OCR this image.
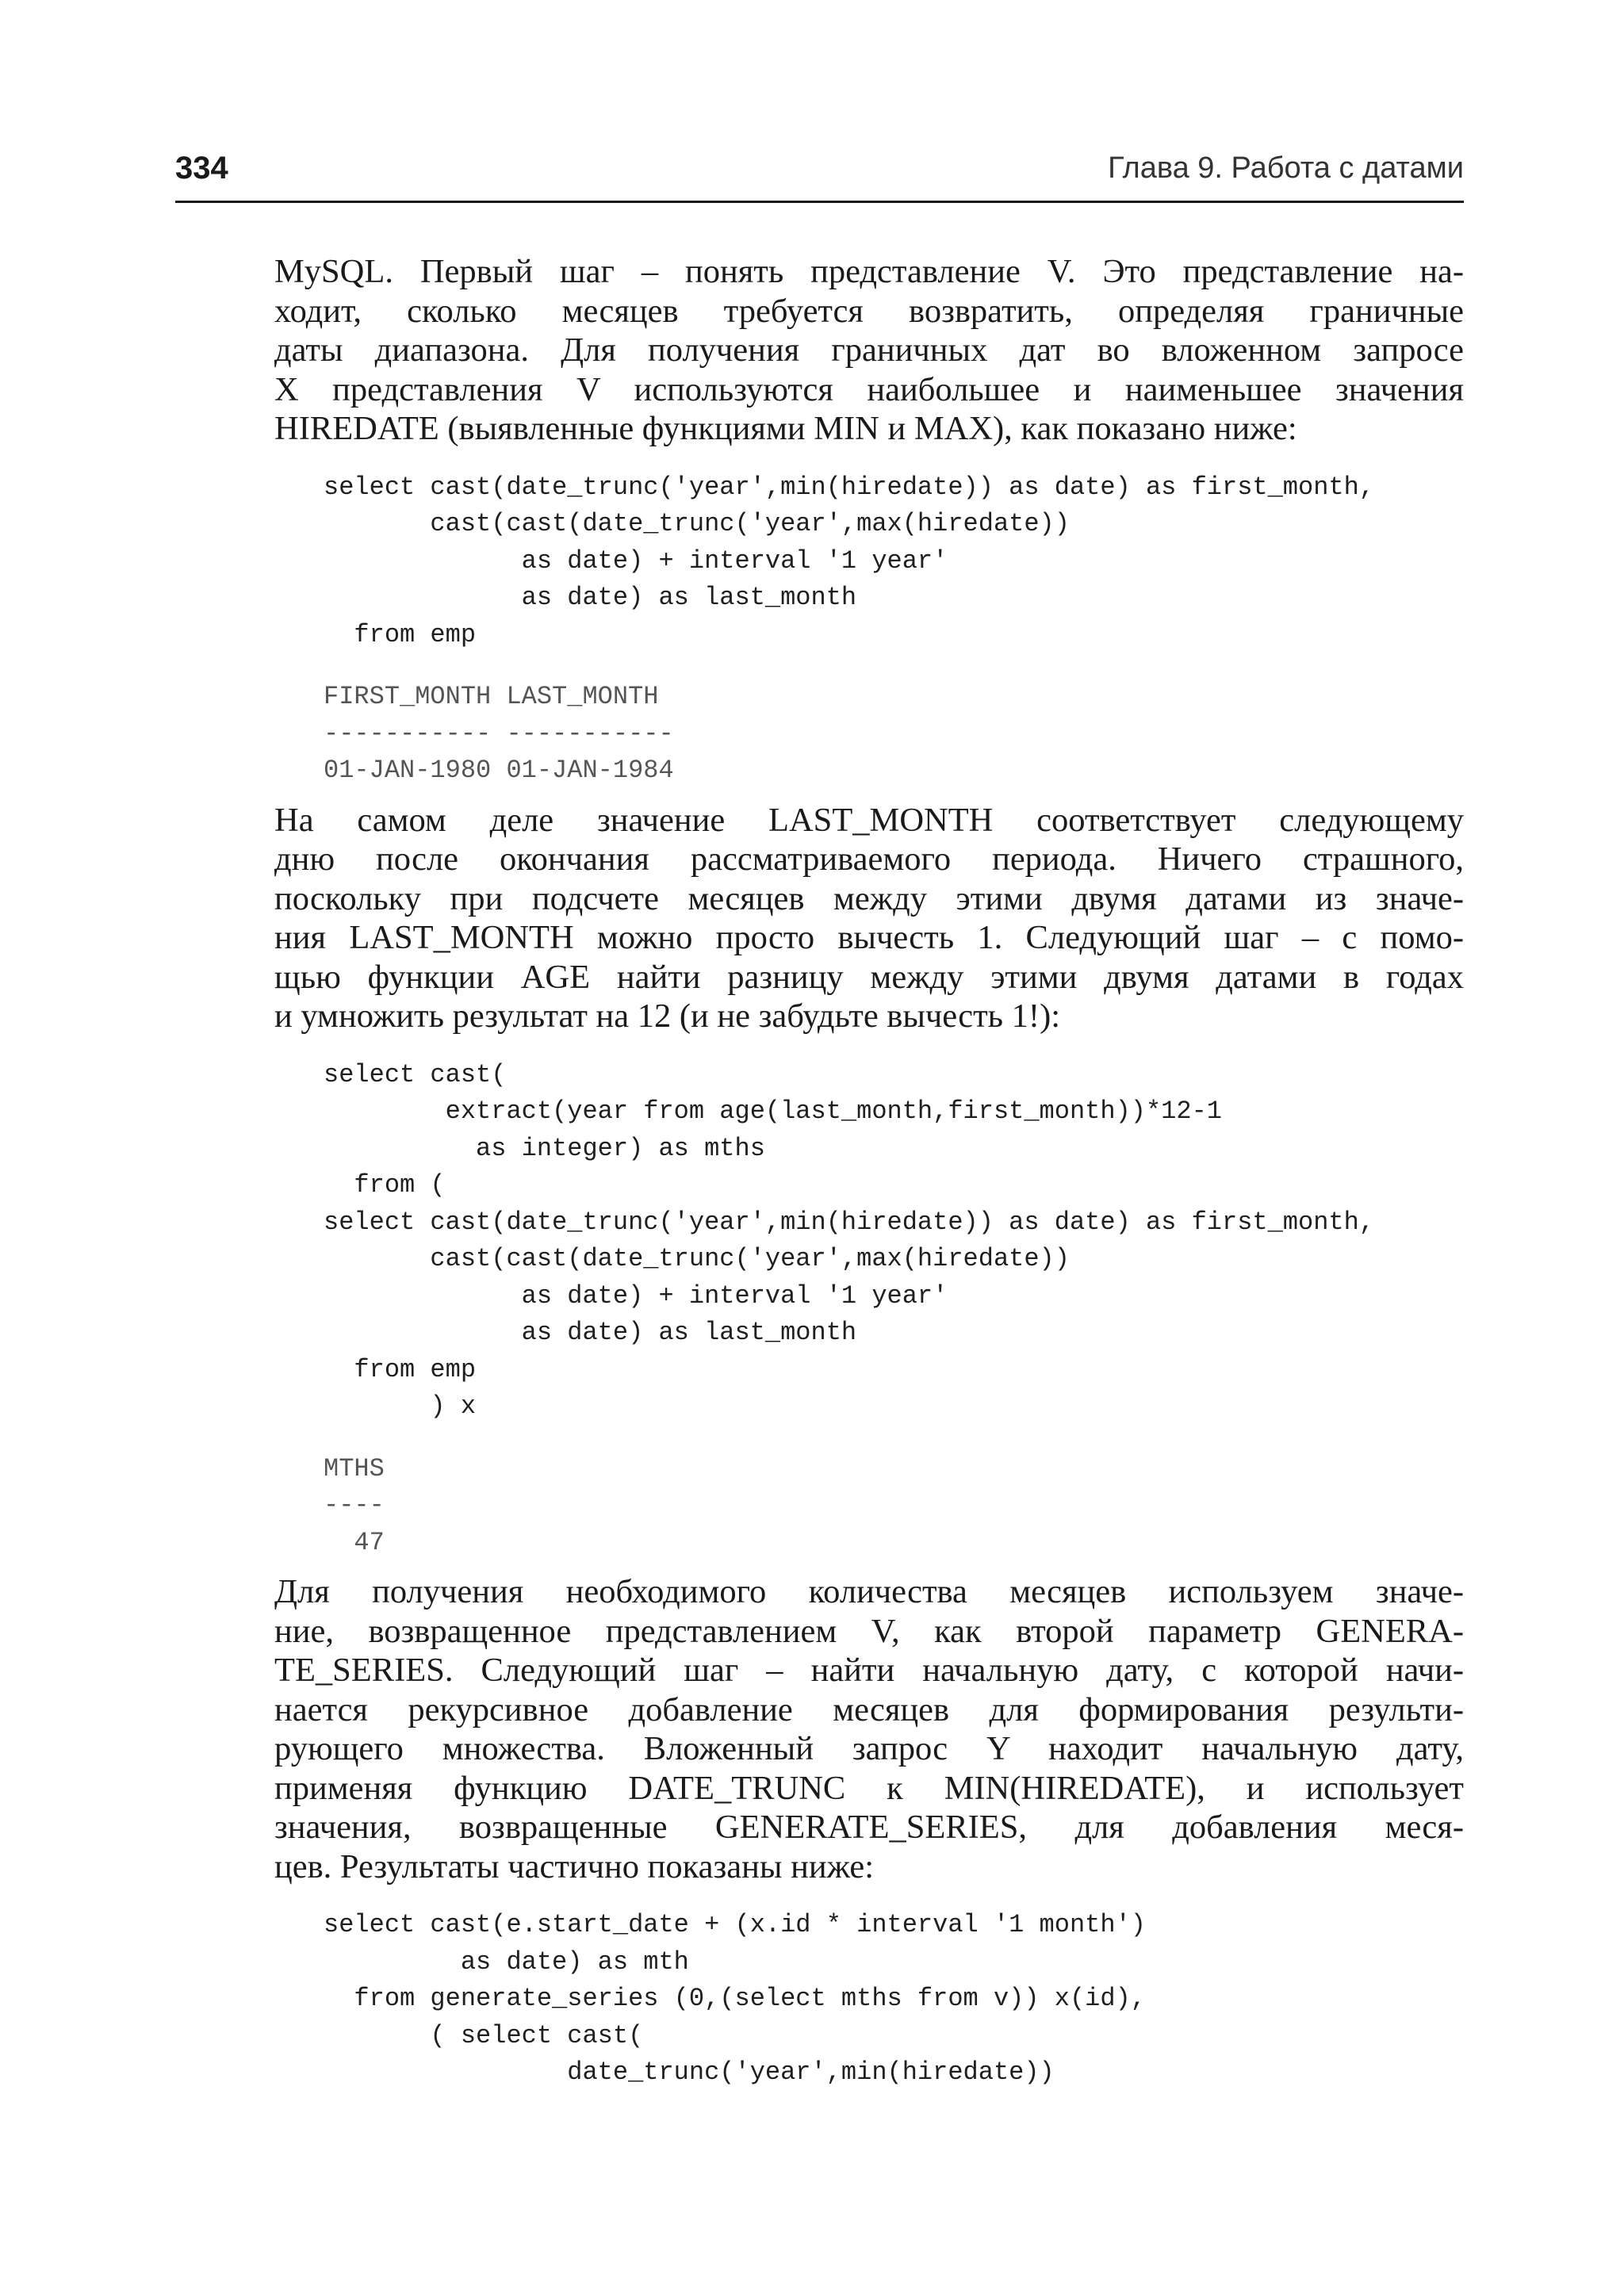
334	Глава 9. Работа с датами

MySQL. Первый шаг – понять представление V. Это представление на-
ходит, сколько месяцев требуется возвратить, определяя граничные
даты диапазона. Для получения граничных дат во вложенном запросе
X представления V используются наибольшее и наименьшее значения
HIREDATE (выявленные функциями MIN и MAX), как показано ниже:

select cast(date_trunc('year',min(hiredate)) as date) as first_month,
cast(cast(date_trunc('year',max(hiredate))
as date) + interval '1 year'
as date) as last_month
from emp
FIRST_MONTH LAST_MONTH
----------- -----------
01-JAN-1980 01-JAN-1984

На самом деле значение LAST_MONTH соответствует следующему
дню после окончания рассматриваемого периода. Ничего страшного,
поскольку при подсчете месяцев между этими двумя датами из значе-
ния LAST_MONTH можно просто вычесть 1. Следующий шаг – с помо-
щью функции AGE найти разницу между этими двумя датами в годах
и умножить результат на 12 (и не забудьте вычесть 1!):

select cast(
extract(year from age(last_month,first_month))*12-1
as integer) as mths
from (
select cast(date_trunc('year',min(hiredate)) as date) as first_month,
cast(cast(date_trunc('year',max(hiredate))
as date) + interval '1 year'
as date) as last_month
from emp
) x
MTHS
----
47

Для получения необходимого количества месяцев используем значе-
ние, возвращенное представлением V, как второй параметр GENERA-
TE_SERIES. Следующий шаг – найти начальную дату, с которой начи-
нается рекурсивное добавление месяцев для формирования результи-
рующего множества. Вложенный запрос Y находит начальную дату,
применяя функцию DATE_TRUNC к MIN(HIREDATE), и использует
значения, возвращенные GENERATE_SERIES, для добавления меся-
цев. Результаты частично показаны ниже:

select cast(e.start_date + (x.id * interval '1 month')
as date) as mth
from generate_series (0,(select mths from v)) x(id),
( select cast(
date_trunc('year',min(hiredate))
